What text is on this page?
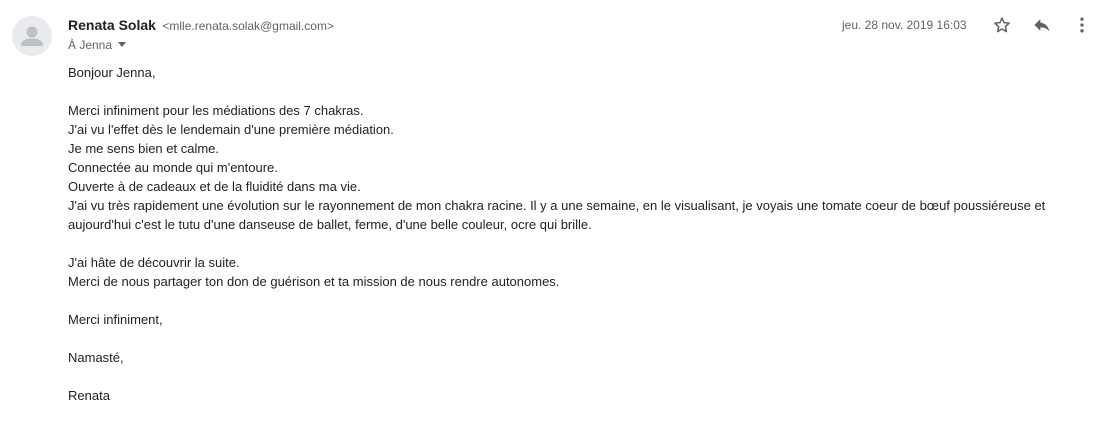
Renata Solak <mlle.renata.solak@gmail.com>
À Jenna
jeu. 28 nov. 2019 16:03

Bonjour Jenna,

Merci infiniment pour les médiations des 7 chakras.

J'ai vu l'effet dès le lendemain d'une première médiation.

Je me sens bien et calme.

Connectée au monde qui m'entoure.

Ouverte à de cadeaux et de la fluidité dans ma vie.

J'ai vu très rapidement une évolution sur le rayonnement de mon chakra racine. Il y a une semaine, en le visualisant, je voyais une tomate coeur de bœuf poussiéreuse et aujourd'hui c'est le tutu d'une danseuse de ballet, ferme, d'une belle couleur, ocre qui brille.

J'ai hâte de découvrir la suite.

Merci de nous partager ton don de guérison et ta mission de nous rendre autonomes.

Merci infiniment,

Namasté,

Renata
